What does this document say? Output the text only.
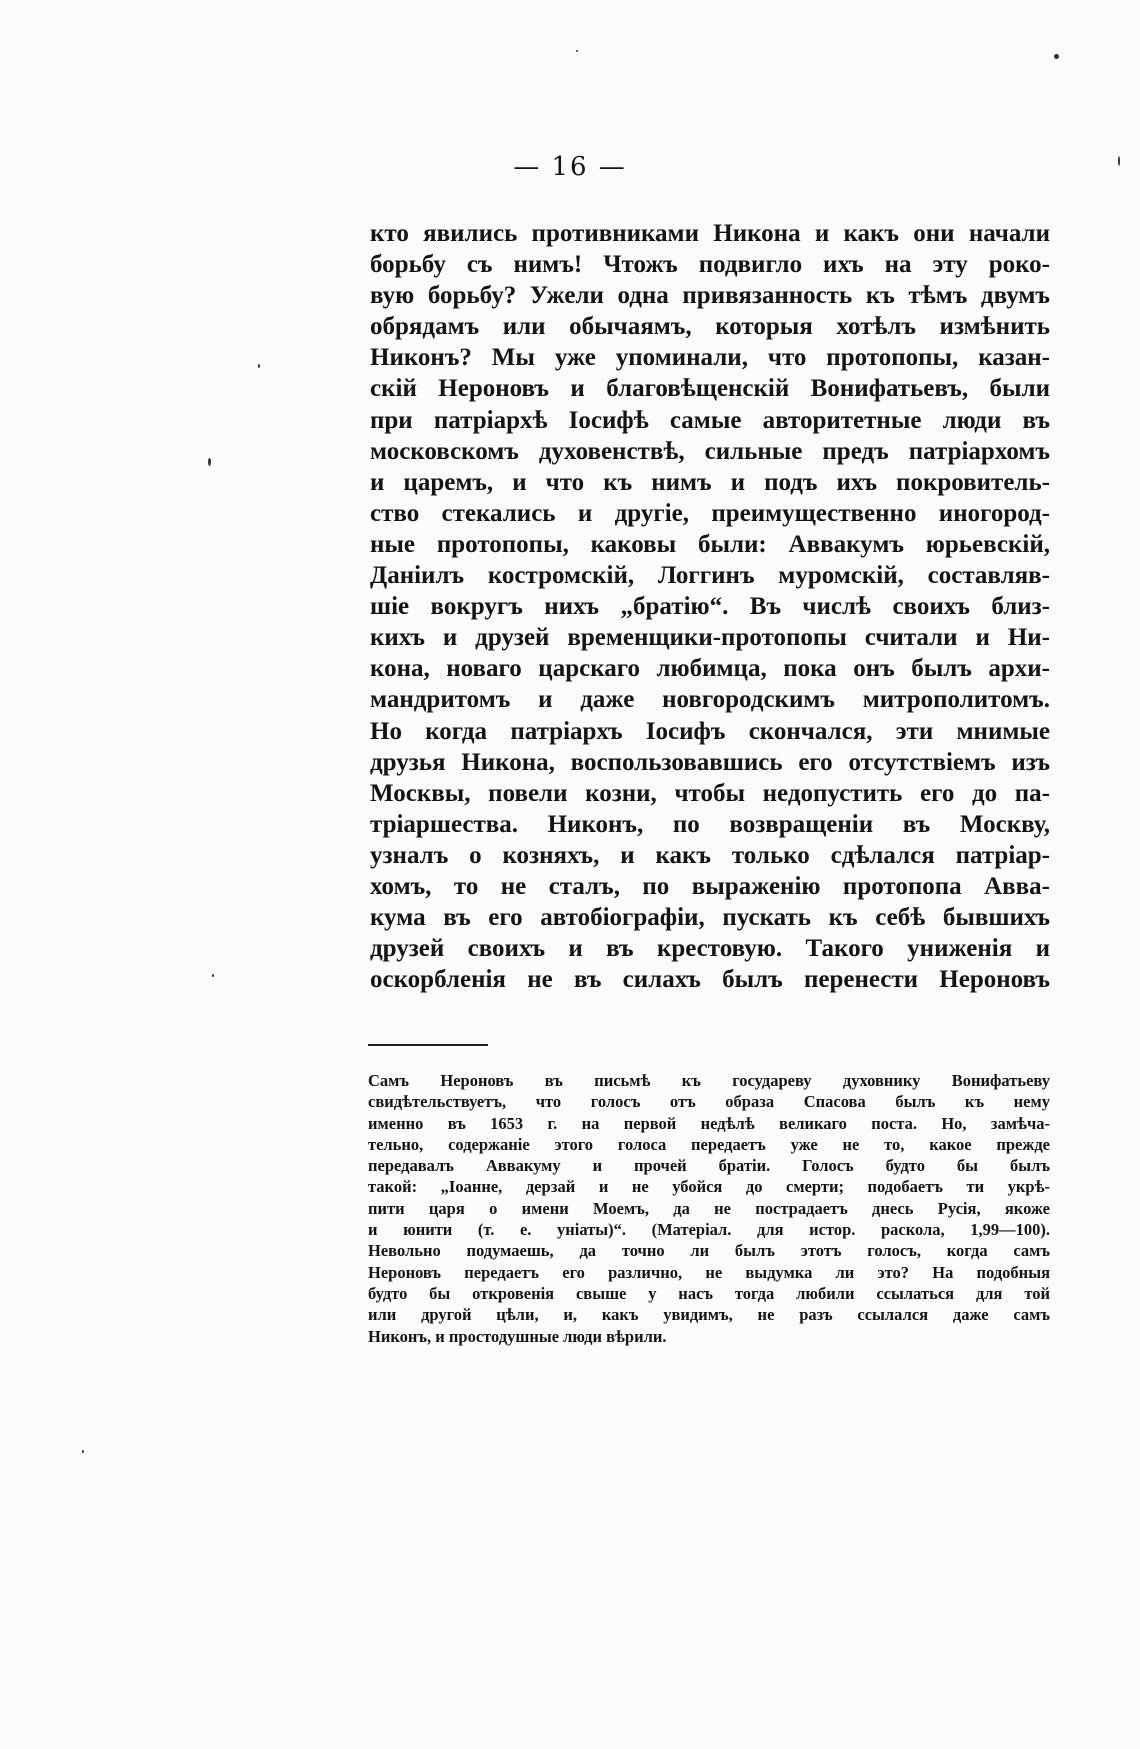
— 16 —
кто явились противниками Никона и какъ они начали
борьбу съ нимъ! Чтожъ подвигло ихъ на эту роко-
вую борьбу? Ужели одна привязанность къ тѣмъ двумъ
обрядамъ или обычаямъ, которыя хотѣлъ измѣнить
Никонъ? Мы уже упоминали, что протопопы, казан-
скій Нероновъ и благовѣщенскій Вонифатьевъ, были
при патріархѣ Іосифѣ самые авторитетные люди въ
московскомъ духовенствѣ, сильные предъ патріархомъ
и царемъ, и что къ нимъ и подъ ихъ покровитель-
ство стекались и другіе, преимущественно иногород-
ные протопопы, каковы были: Аввакумъ юрьевскій,
Даніилъ костромскій, Логгинъ муромскій, составляв-
шіе вокругъ нихъ „братію“. Въ числѣ своихъ близ-
кихъ и друзей временщики-протопопы считали и Ни-
кона, новаго царскаго любимца, пока онъ былъ архи-
мандритомъ и даже новгородскимъ митрополитомъ.
Но когда патріархъ Іосифъ скончался, эти мнимые
друзья Никона, воспользовавшись его отсутствіемъ изъ
Москвы, повели козни, чтобы недопустить его до па-
тріаршества. Никонъ, по возвращеніи въ Москву,
узналъ о козняхъ, и какъ только сдѣлался патріар-
хомъ, то не сталъ, по выраженію протопопа Авва-
кума въ его автобіографіи, пускать къ себѣ бывшихъ
друзей своихъ и въ крестовую. Такого униженія и
оскорбленія не въ силахъ былъ перенести Нероновъ
Самъ Нероновъ въ письмѣ къ государеву духовнику Вонифатьеву
свидѣтельствуетъ, что голосъ отъ образа Спасова былъ къ нему
именно въ 1653 г. на первой недѣлѣ великаго поста. Но, замѣча-
тельно, содержаніе этого голоса передаетъ уже не то, какое прежде
передавалъ Аввакуму и прочей братіи. Голосъ будто бы былъ
такой: „Іоанне, дерзай и не убойся до смерти; подобаетъ ти укрѣ-
пити царя о имени Моемъ, да не пострадаетъ днесь Русія, якоже
и юнити (т. е. уніаты)“. (Матеріал. для истор. раскола, 1,99—100).
Невольно подумаешь, да точно ли былъ этотъ голосъ, когда самъ
Нероновъ передаетъ его различно, не выдумка ли это? На подобныя
будто бы откровенія свыше у насъ тогда любили ссылаться для той
или другой цѣли, и, какъ увидимъ, не разъ ссылался даже самъ
Никонъ, и простодушные люди вѣрили.
